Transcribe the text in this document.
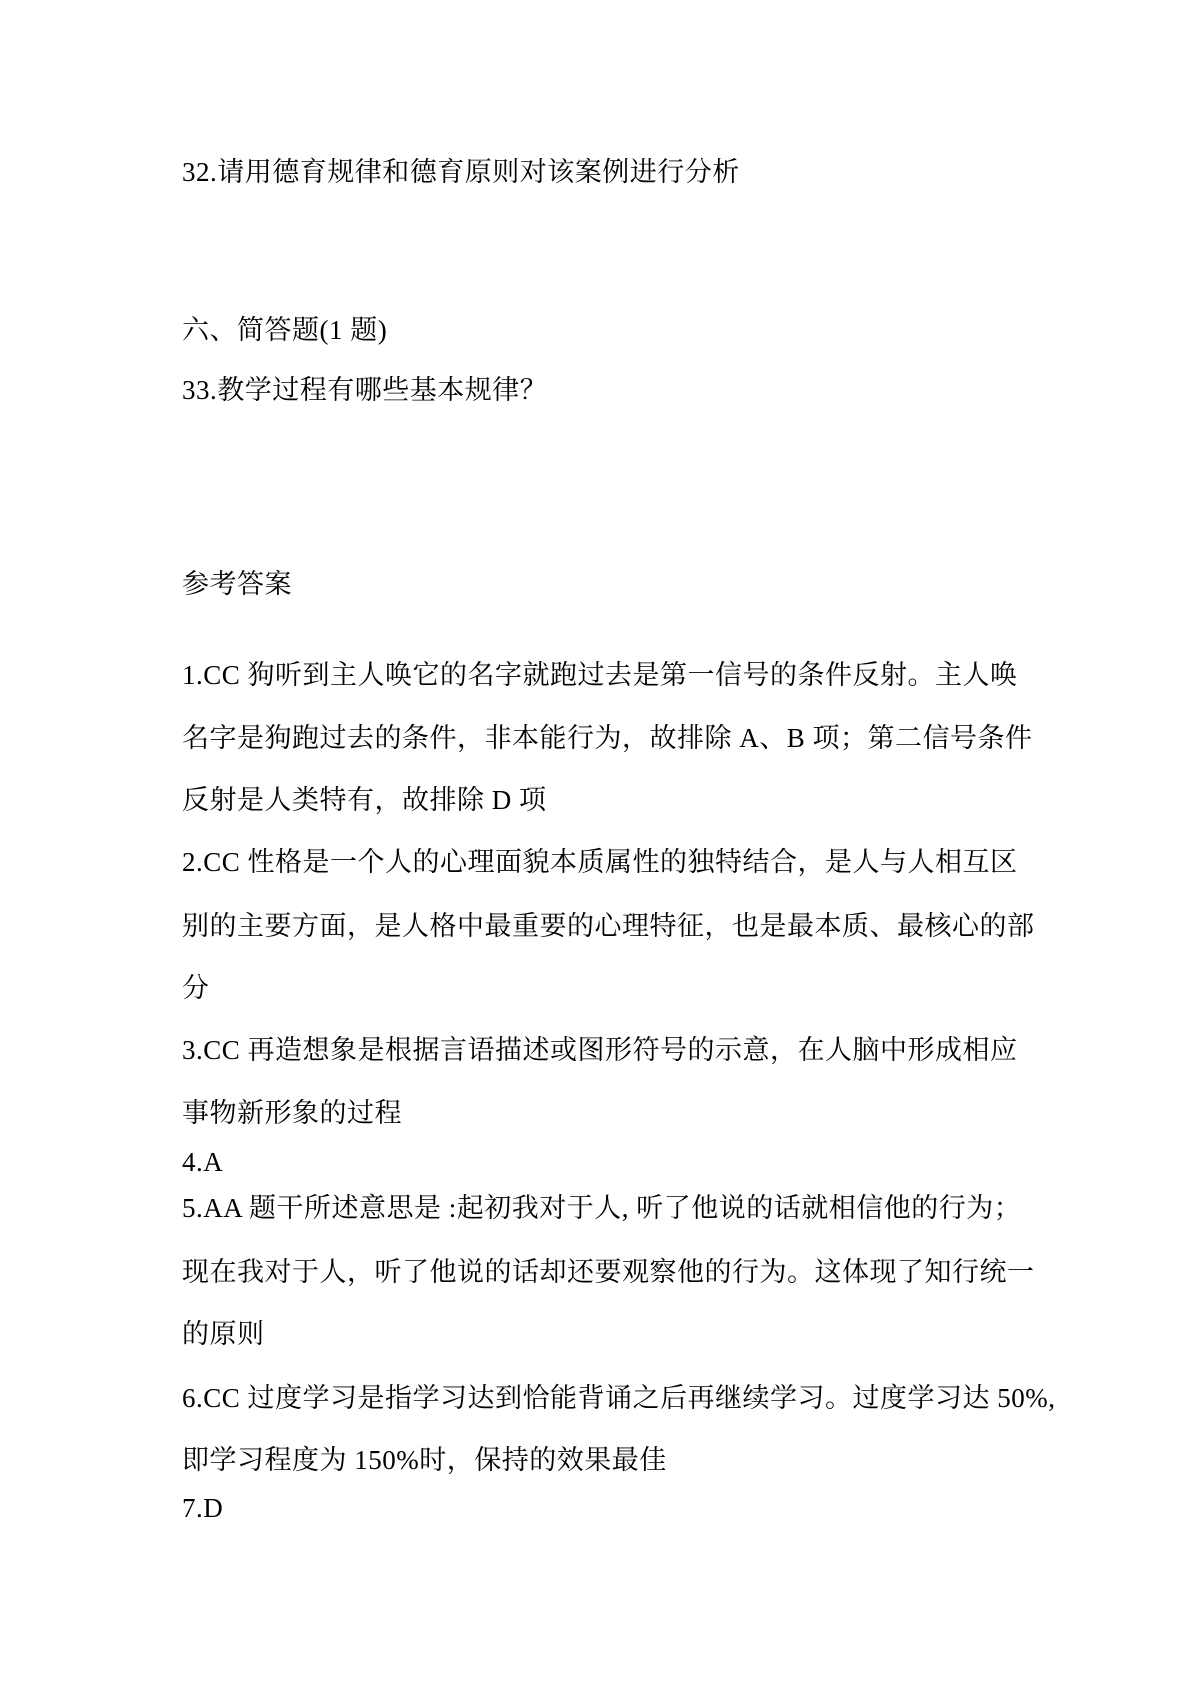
32.请用德育规律和德育原则对该案例进行分析
六、简答题(1 题)
33.教学过程有哪些基本规律？
参考答案
1.CC 狗听到主人唤它的名字就跑过去是第一信号的条件反射。主人唤
名字是狗跑过去的条件，非本能行为，故排除 A、B 项；第二信号条件
反射是人类特有，故排除 D 项
2.CC 性格是一个人的心理面貌本质属性的独特结合，是人与人相互区
别的主要方面，是人格中最重要的心理特征，也是最本质、最核心的部
分
3.CC 再造想象是根据言语描述或图形符号的示意，在人脑中形成相应
事物新形象的过程
4.A
5.AA 题干所述意思是 :起初我对于人, 听了他说的话就相信他的行为；
现在我对于人，听了他说的话却还要观察他的行为。这体现了知行统一
的原则
6.CC 过度学习是指学习达到恰能背诵之后再继续学习。过度学习达 50%,
即学习程度为 150%时，保持的效果最佳
7.D
